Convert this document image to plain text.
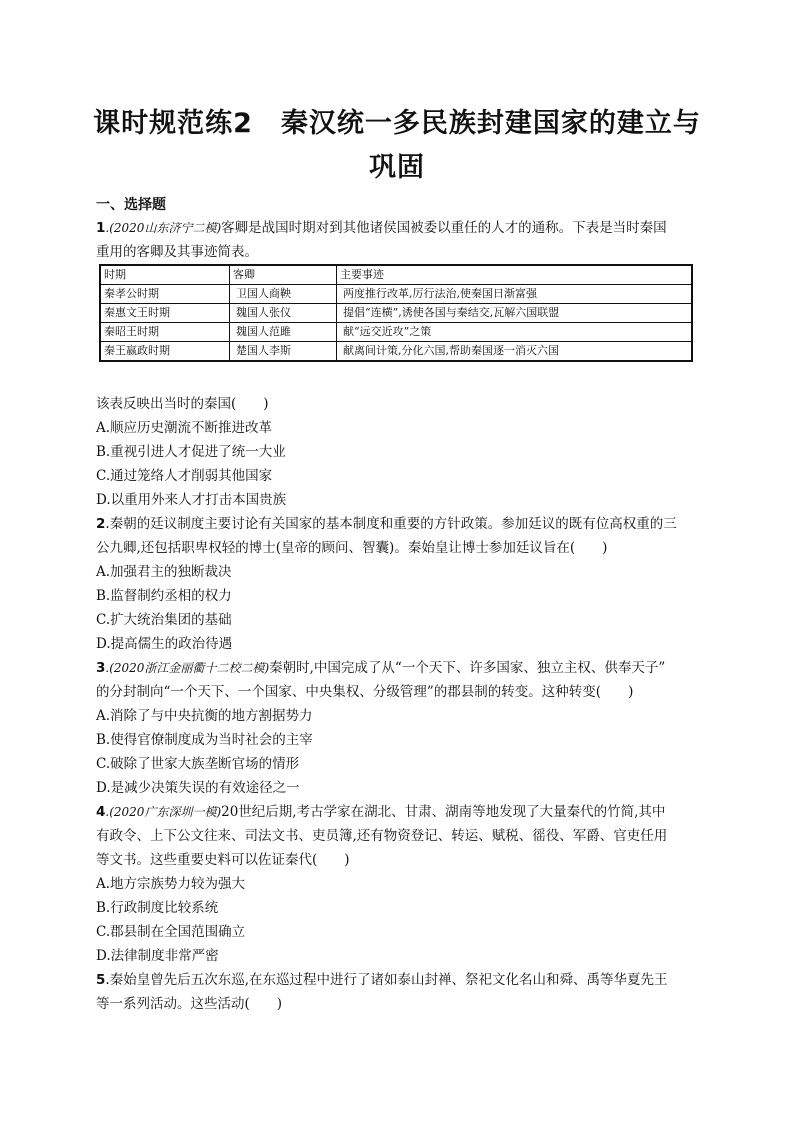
课时规范练2　秦汉统一多民族封建国家的建立与
巩固
一、选择题
1.(2020山东济宁二模)客卿是战国时期对到其他诸侯国被委以重任的人才的通称。下表是当时秦国
重用的客卿及其事迹简表。
时期	客卿	主要事迹
秦孝公时期	卫国人商鞅	两度推行改革,厉行法治,使秦国日渐富强
秦惠文王时期	魏国人张仪	提倡“连横”,诱使各国与秦结交,瓦解六国联盟
秦昭王时期	魏国人范雎	献“远交近攻”之策
秦王嬴政时期	楚国人李斯	献离间计策,分化六国,帮助秦国逐一消灭六国
该表反映出当时的秦国(　　)
A.顺应历史潮流不断推进改革
B.重视引进人才促进了统一大业
C.通过笼络人才削弱其他国家
D.以重用外来人才打击本国贵族
2.秦朝的廷议制度主要讨论有关国家的基本制度和重要的方针政策。参加廷议的既有位高权重的三
公九卿,还包括职卑权轻的博士(皇帝的顾问、智囊)。秦始皇让博士参加廷议旨在(　　)
A.加强君主的独断裁决
B.监督制约丞相的权力
C.扩大统治集团的基础
D.提高儒生的政治待遇
3.(2020浙江金丽衢十二校二模)秦朝时,中国完成了从“一个天下、许多国家、独立主权、供奉天子”
的分封制向“一个天下、一个国家、中央集权、分级管理”的郡县制的转变。这种转变(　　)
A.消除了与中央抗衡的地方割据势力
B.使得官僚制度成为当时社会的主宰
C.破除了世家大族垄断官场的情形
D.是减少决策失误的有效途径之一
4.(2020广东深圳一模)20世纪后期,考古学家在湖北、甘肃、湖南等地发现了大量秦代的竹简,其中
有政令、上下公文往来、司法文书、吏员簿,还有物资登记、转运、赋税、徭役、军爵、官吏任用
等文书。这些重要史料可以佐证秦代(　　)
A.地方宗族势力较为强大
B.行政制度比较系统
C.郡县制在全国范围确立
D.法律制度非常严密
5.秦始皇曾先后五次东巡,在东巡过程中进行了诸如泰山封禅、祭祀文化名山和舜、禹等华夏先王
等一系列活动。这些活动(　　)
